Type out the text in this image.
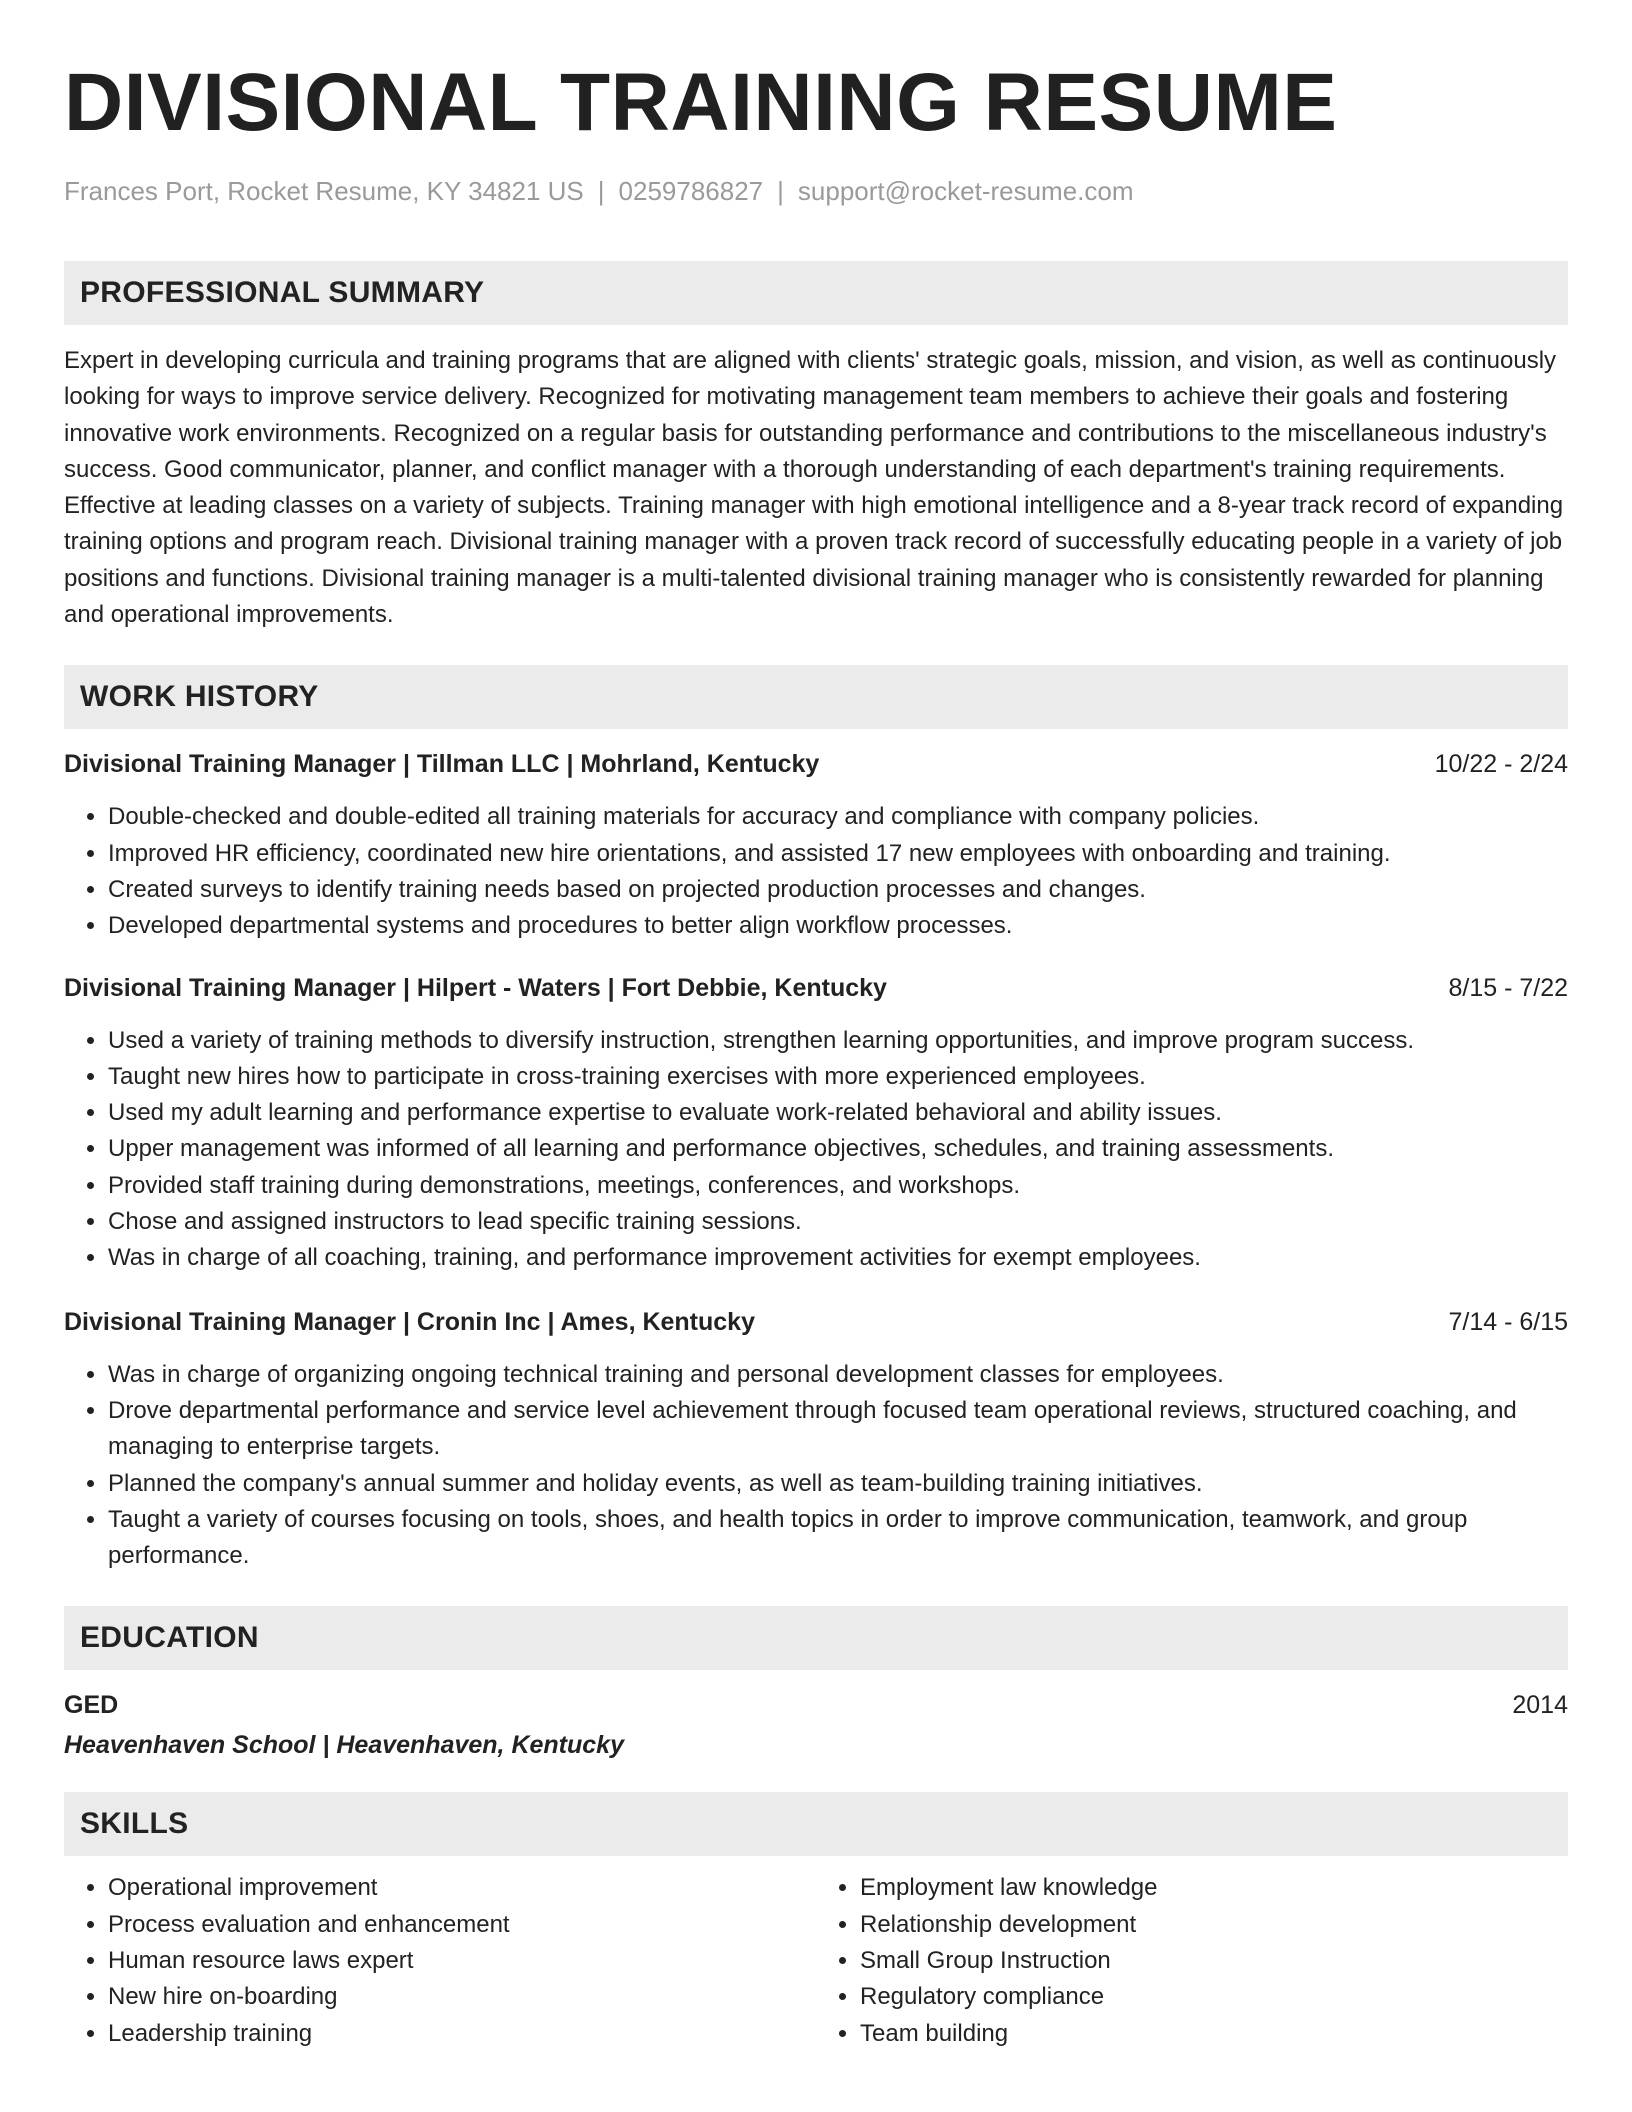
DIVISIONAL TRAINING RESUME
Frances Port, Rocket Resume, KY 34821 US | 0259786827 | support@rocket-resume.com
PROFESSIONAL SUMMARY

Expert in developing curricula and training programs that are aligned with clients' strategic goals, mission, and vision, as well as continuously looking for ways to improve service delivery. Recognized for motivating management team members to achieve their goals and fostering innovative work environments. Recognized on a regular basis for outstanding performance and contributions to the miscellaneous industry's success. Good communicator, planner, and conflict manager with a thorough understanding of each department's training requirements. Effective at leading classes on a variety of subjects. Training manager with high emotional intelligence and a 8-year track record of expanding training options and program reach. Divisional training manager with a proven track record of successfully educating people in a variety of job positions and functions. Divisional training manager is a multi-talented divisional training manager who is consistently rewarded for planning and operational improvements.

WORK HISTORY
Divisional Training Manager | Tillman LLC | Mohrland, Kentucky	10/22 - 2/24
• Double-checked and double-edited all training materials for accuracy and compliance with company policies.
• Improved HR efficiency, coordinated new hire orientations, and assisted 17 new employees with onboarding and training.
• Created surveys to identify training needs based on projected production processes and changes.
• Developed departmental systems and procedures to better align workflow processes.
Divisional Training Manager | Hilpert - Waters | Fort Debbie, Kentucky	8/15 - 7/22
• Used a variety of training methods to diversify instruction, strengthen learning opportunities, and improve program success.
• Taught new hires how to participate in cross-training exercises with more experienced employees.
• Used my adult learning and performance expertise to evaluate work-related behavioral and ability issues.
• Upper management was informed of all learning and performance objectives, schedules, and training assessments.
• Provided staff training during demonstrations, meetings, conferences, and workshops.
• Chose and assigned instructors to lead specific training sessions.
• Was in charge of all coaching, training, and performance improvement activities for exempt employees.
Divisional Training Manager | Cronin Inc | Ames, Kentucky	7/14 - 6/15
• Was in charge of organizing ongoing technical training and personal development classes for employees.
• Drove departmental performance and service level achievement through focused team operational reviews, structured coaching, and managing to enterprise targets.
• Planned the company's annual summer and holiday events, as well as team-building training initiatives.
• Taught a variety of courses focusing on tools, shoes, and health topics in order to improve communication, teamwork, and group performance.
EDUCATION
GED	2014
Heavenhaven School | Heavenhaven, Kentucky
SKILLS
• Operational improvement
• Process evaluation and enhancement
• Human resource laws expert
• New hire on-boarding
• Leadership training
• Employment law knowledge
• Relationship development
• Small Group Instruction
• Regulatory compliance
• Team building
